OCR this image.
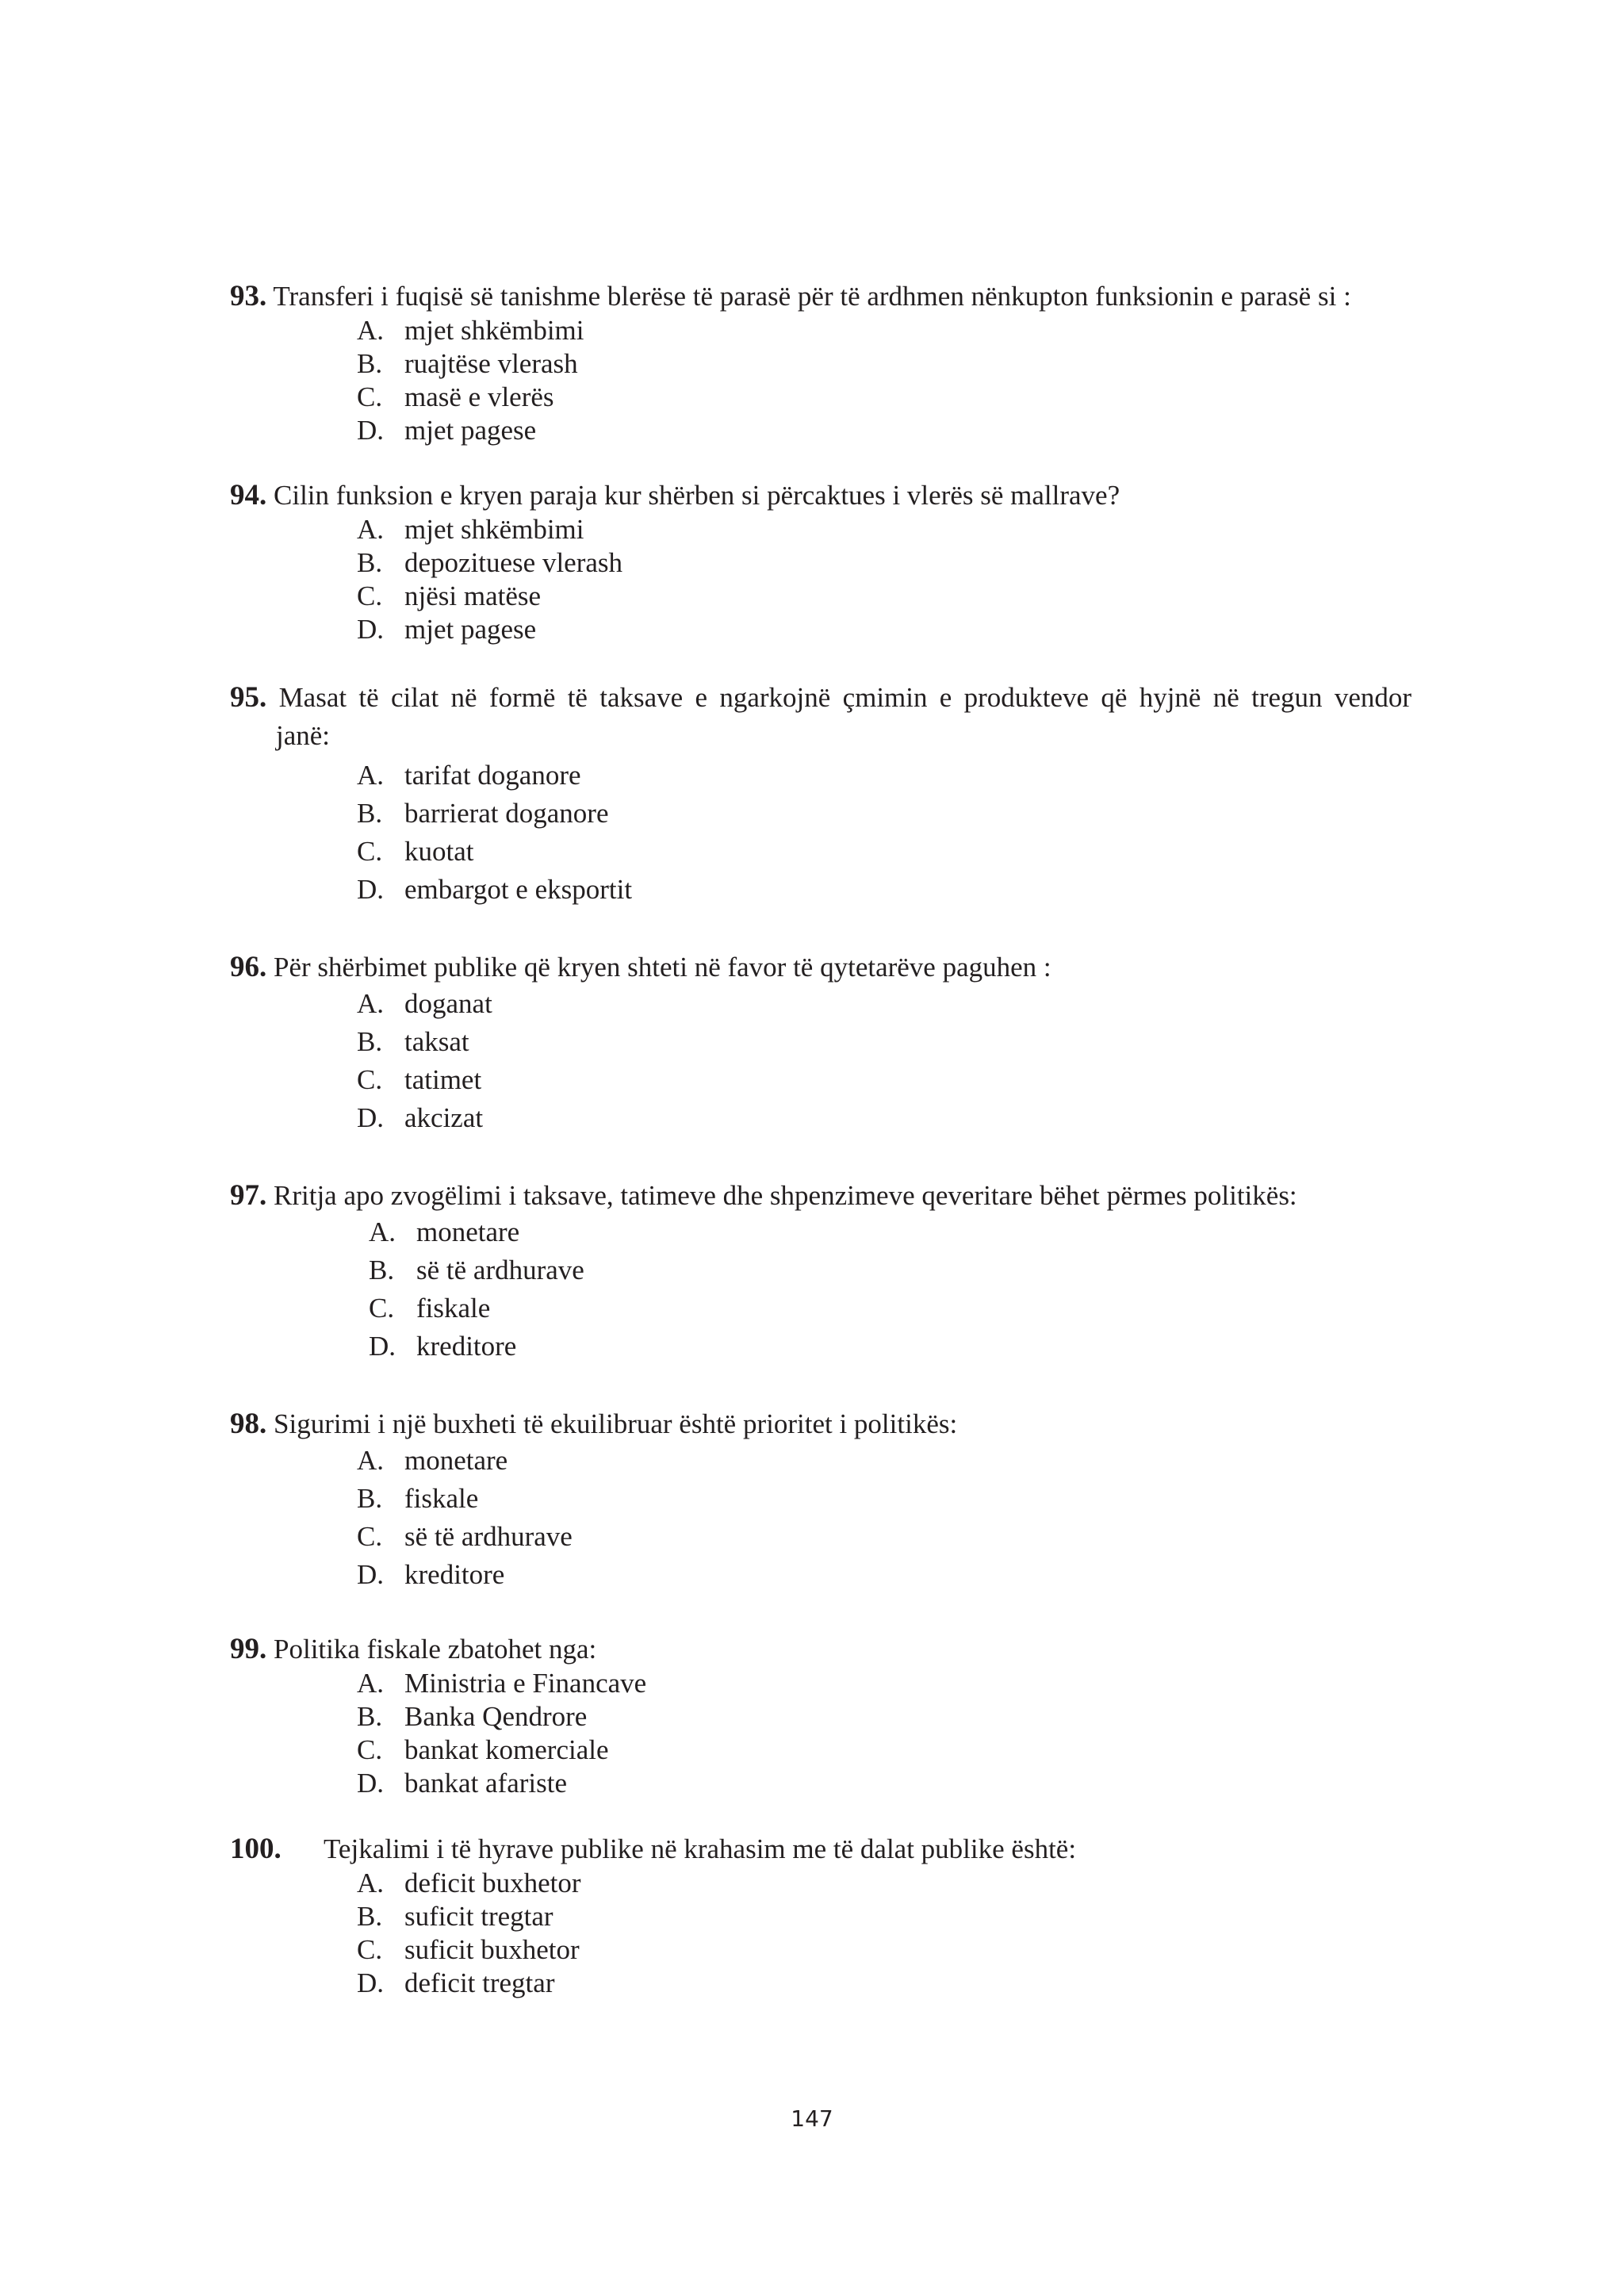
93. Transferi i fuqisë së tanishme blerëse të parasë për të ardhmen nënkupton funksionin e parasë si :

A. mjet shkëmbimi
B. ruajtëse vlerash
C. masë e vlerës
D. mjet pagese

94. Cilin funksion e kryen paraja kur shërben si përcaktues i vlerës së mallrave?

A. mjet shkëmbimi
B. depozituese vlerash
C. njësi matëse
D. mjet pagese

95. Masat të cilat në formë të taksave e ngarkojnë çmimin e produkteve që hyjnë në tregun vendor

janë:

A. tarifat doganore
B. barrierat doganore
C. kuotat
D. embargot e eksportit

96. Për shërbimet publike që kryen shteti në favor të qytetarëve paguhen :

A. doganat
B. taksat
C. tatimet
D. akcizat

97. Rritja apo zvogëlimi i taksave, tatimeve dhe shpenzimeve qeveritare bëhet përmes politikës:

A. monetare
B. së të ardhurave
C. fiskale
D. kreditore

98. Sigurimi i një buxheti të ekuilibruar është prioritet i politikës:

A. monetare
B. fiskale
C. së të ardhurave
D. kreditore

99. Politika fiskale zbatohet nga:

A. Ministria e Financave
B. Banka Qendrore
C. bankat komerciale
D. bankat afariste

100. Tejkalimi i të hyrave publike në krahasim me të dalat publike është:

A. deficit buxhetor
B. suficit tregtar
C. suficit buxhetor
D. deficit tregtar
147
